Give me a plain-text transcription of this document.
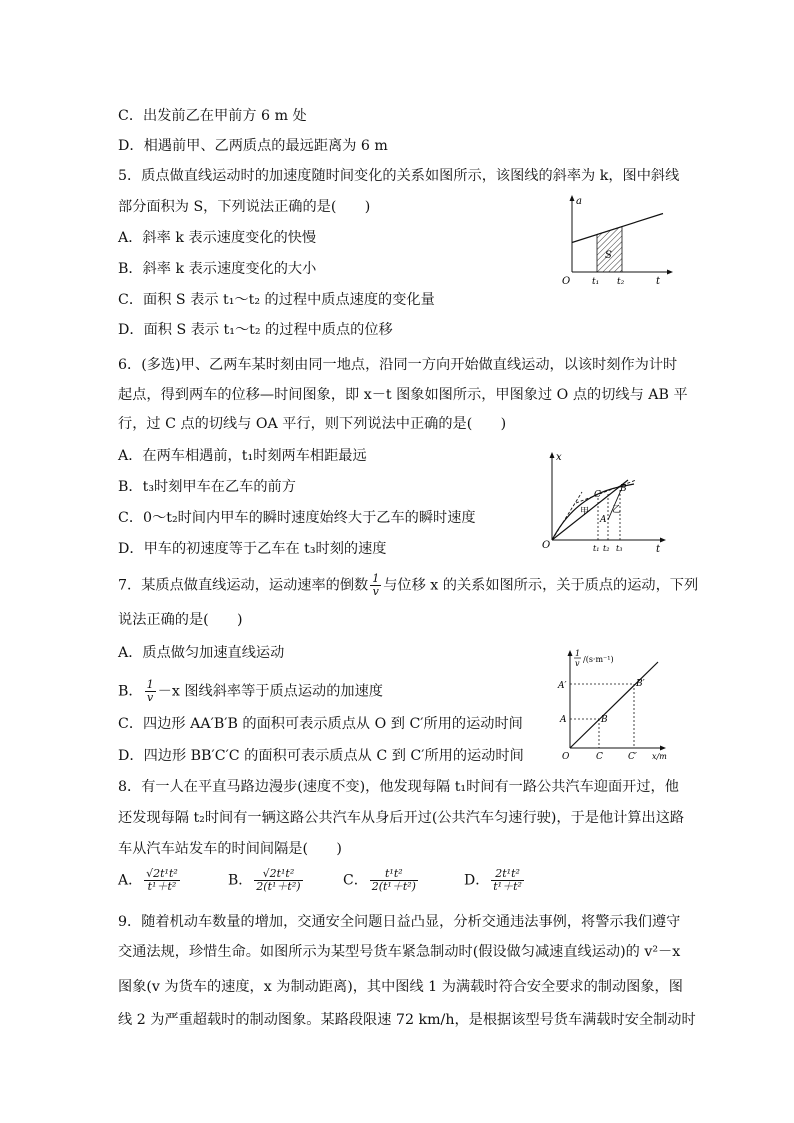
C．出发前乙在甲前方 6 m 处
D．相遇前甲、乙两质点的最远距离为 6 m
5．质点做直线运动时的加速度随时间变化的关系如图所示，该图线的斜率为 k，图中斜线
部分面积为 S，下列说法正确的是(　　)
A．斜率 k 表示速度变化的快慢
B．斜率 k 表示速度变化的大小
C．面积 S 表示 t₁～t₂ 的过程中质点速度的变化量
D．面积 S 表示 t₁～t₂ 的过程中质点的位移
6．(多选)甲、乙两车某时刻由同一地点，沿同一方向开始做直线运动，以该时刻作为计时
起点，得到两车的位移—时间图象，即 x－t 图象如图所示，甲图象过 O 点的切线与 AB 平
行，过 C 点的切线与 OA 平行，则下列说法中正确的是(　　)
A．在两车相遇前，t₁时刻两车相距最远
B．t₃时刻甲车在乙车的前方
C．0～t₂时间内甲车的瞬时速度始终大于乙车的瞬时速度
D．甲车的初速度等于乙车在 t₃时刻的速度
7．某质点做直线运动，运动速率的倒数 $\frac{1}{v}$ 与位移 x 的关系如图所示，关于质点的运动，下列
说法正确的是(　　)
A．质点做匀加速直线运动
B． $\frac{1}{v} -x$ 图线斜率等于质点运动的加速度
C．四边形 AA′B′B 的面积可表示质点从 O 到 C′所用的运动时间
D．四边形 BB′C′C 的面积可表示质点从 C 到 C′所用的运动时间
8．有一人在平直马路边漫步(速度不变)，他发现每隔 t₁时间有一路公共汽车迎面开过，他
还发现每隔 t₂时间有一辆这路公共汽车从身后开过(公共汽车匀速行驶)，于是他计算出这路
车从汽车站发车的时间间隔是(　　)
A． $\frac{\text{√2t¹t²}}{\text{t¹＋t²}}$	B． $\frac{\text{√2t¹t²}}{\text{2(t¹＋t²)}}$	C． $\frac{\text{t¹t²}}{\text{2(t¹＋t²)}}$	D． $\frac{\text{2t¹t²}}{\text{t¹＋t²}}$
9．随着机动车数量的增加，交通安全问题日益凸显，分析交通违法事例，将警示我们遵守
交通法规，珍惜生命。如图所示为某型号货车紧急制动时(假设做匀减速直线运动)的 v²－x
图象(v 为货车的速度，x 为制动距离)，其中图线 1 为满载时符合安全要求的制动图象，图
线 2 为严重超载时的制动图象。某路段限速 72 km/h，是根据该型号货车满载时安全制动时
a
O t₁ t₂	t
S
x
O
C
B
A
甲	乙
t₁ t₂ t₃	t
1
v /(s·m⁻¹)
A′
A	B
B′
O	C	C′ x/m
